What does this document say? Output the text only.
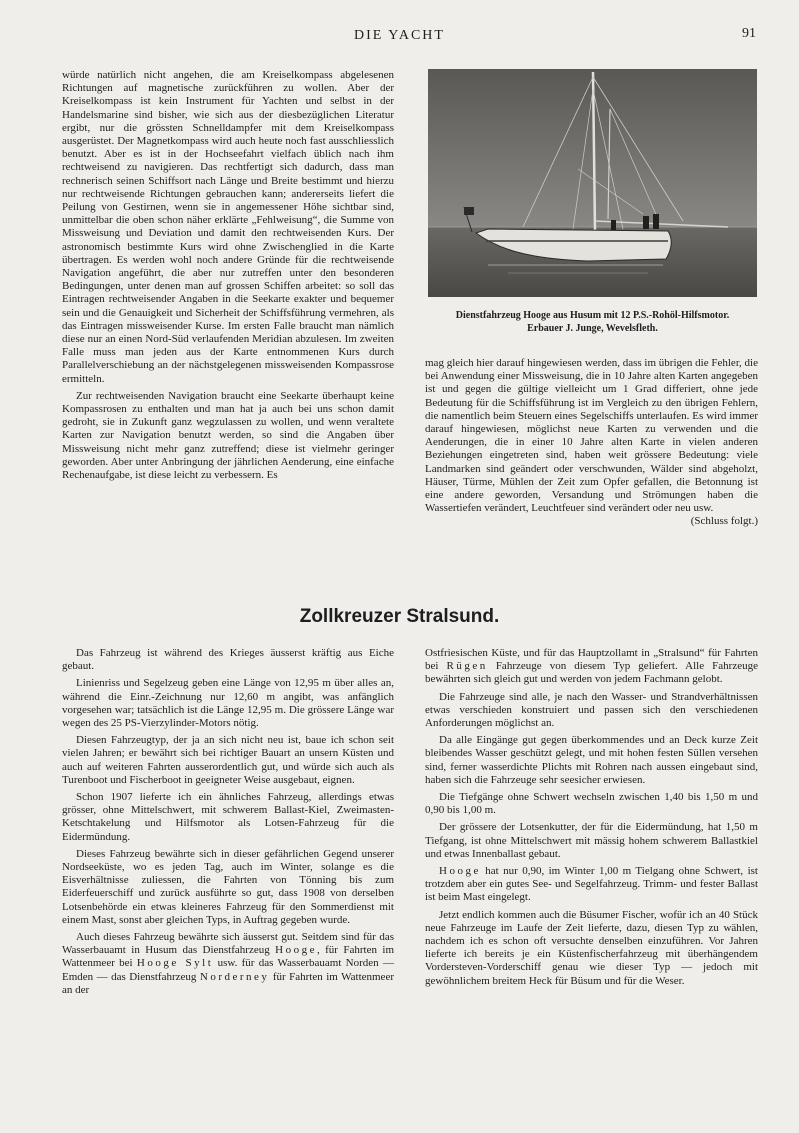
DIE YACHT	91

würde natürlich nicht angehen, die am Kreiselkompass abgelesenen Richtungen auf magnetische zurückführen zu wollen. Aber der Kreiselkompass ist kein Instrument für Yachten und selbst in der Handelsmarine sind bisher, wie sich aus der diesbezüglichen Literatur ergibt, nur die grössten Schnelldampfer mit dem Kreiselkompass ausgerüstet. Der Magnetkompass wird auch heute noch fast ausschliesslich benutzt. Aber es ist in der Hochseefahrt vielfach üblich nach ihm rechtweisend zu navigieren. Das rechtfertigt sich dadurch, dass man rechnerisch seinen Schiffsort nach Länge und Breite bestimmt und hierzu nur rechtweisende Richtungen gebrauchen kann; andererseits liefert die Peilung von Gestirnen, wenn sie in angemessener Höhe sichtbar sind, unmittelbar die oben schon näher erklärte „Fehlweisung“, die Summe von Missweisung und Deviation und damit den rechtweisenden Kurs. Der astronomisch bestimmte Kurs wird ohne Zwischenglied in die Karte übertragen. Es werden wohl noch andere Gründe für die rechtweisende Navigation angeführt, die aber nur zutreffen unter den besonderen Bedingungen, unter denen man auf grossen Schiffen arbeitet: so soll das Eintragen rechtweisender Angaben in die Seekarte exakter und bequemer sein und die Genauigkeit und Sicherheit der Schiffsführung vermehren, als das Eintragen missweisender Kurse. Im ersten Falle braucht man nämlich diese nur an einen Nord-Süd verlaufenden Meridian abzulesen. Im zweiten Falle muss man jeden aus der Karte entnommenen Kurs durch Parallelverschiebung an der nächstgelegenen missweisenden Kompassrose ermitteln.

Zur rechtweisenden Navigation braucht eine Seekarte überhaupt keine Kompassrosen zu enthalten und man hat ja auch bei uns schon damit gedroht, sie in Zukunft ganz wegzulassen zu wollen, und wenn veraltete Karten zur Navigation benutzt werden, so sind die Angaben über Missweisung nicht mehr ganz zutreffend; diese ist vielmehr geringer geworden. Aber unter Anbringung der jährlichen Aenderung, eine einfache Rechenaufgabe, ist diese leicht zu verbessern. Es

Dienstfahrzeug Hooge aus Husum mit 12 P.S.-Rohöl-Hilfsmotor.
Erbauer J. Junge, Wevelsfleth.

mag gleich hier darauf hingewiesen werden, dass im übrigen die Fehler, die bei Anwendung einer Missweisung, die in 10 Jahre alten Karten angegeben ist und gegen die gültige vielleicht um 1 Grad differiert, ohne jede Bedeutung für die Schiffsführung ist im Vergleich zu den übrigen Fehlern, die namentlich beim Steuern eines Segelschiffs unterlaufen. Es wird immer darauf hingewiesen, möglichst neue Karten zu verwenden und die Aenderungen, die in einer 10 Jahre alten Karte in vielen anderen Beziehungen eingetreten sind, haben weit grössere Bedeutung: viele Landmarken sind geändert oder verschwunden, Wälder sind abgeholzt, Häuser, Türme, Mühlen der Zeit zum Opfer gefallen, die Betonnung ist eine andere geworden, Versandung und Strömungen haben die Wassertiefen verändert, Leuchtfeuer sind verändert oder neu usw.
(Schluss folgt.)

Zollkreuzer Stralsund.

Das Fahrzeug ist während des Krieges äusserst kräftig aus Eiche gebaut.

Linienriss und Segelzeug geben eine Länge von 12,95 m über alles an, während die Einr.-Zeichnung nur 12,60 m angibt, was anfänglich vorgesehen war; tatsächlich ist die Länge 12,95 m. Die grössere Länge war wegen des 25 PS-Vierzylinder-Motors nötig.

Diesen Fahrzeugtyp, der ja an sich nicht neu ist, baue ich schon seit vielen Jahren; er bewährt sich bei richtiger Bauart an unsern Küsten und auch auf weiteren Fahrten ausserordentlich gut, und würde sich auch als Turenboot und Fischerboot in geeigneter Weise ausgebaut, eignen.

Schon 1907 lieferte ich ein ähnliches Fahrzeug, allerdings etwas grösser, ohne Mittelschwert, mit schwerem Ballast-Kiel, Zweimasten-Ketschtakelung und Hilfsmotor als Lotsen-Fahrzeug für die Eidermündung.

Dieses Fahrzeug bewährte sich in dieser gefährlichen Gegend unserer Nordseeküste, wo es jeden Tag, auch im Winter, solange es die Eisverhältnisse zuliessen, die Fahrten von Tönning bis zum Eiderfeuerschiff und zurück ausführte so gut, dass 1908 von derselben Lotsenbehörde ein etwas kleineres Fahrzeug für den Sommerdienst mit einem Mast, sonst aber gleichen Typs, in Auftrag gegeben wurde.

Auch dieses Fahrzeug bewährte sich äusserst gut. Seitdem sind für das Wasserbauamt in Husum das Dienstfahrzeug Hooge, für Fahrten im Wattenmeer bei Hooge Sylt usw. für das Wasserbauamt Norden — Emden — das Dienstfahrzeug Norderney für Fahrten im Wattenmeer an der

Ostfriesischen Küste, und für das Hauptzollamt in „Stralsund“ für Fahrten bei Rügen Fahrzeuge von diesem Typ geliefert. Alle Fahrzeuge bewährten sich gleich gut und werden von jedem Fachmann gelobt.

Die Fahrzeuge sind alle, je nach den Wasser- und Strandverhältnissen etwas verschieden konstruiert und passen sich den verschiedenen Anforderungen möglichst an.

Da alle Eingänge gut gegen überkommendes und an Deck kurze Zeit bleibendes Wasser geschützt gelegt, und mit hohen festen Süllen versehen sind, ferner wasserdichte Plichts mit Rohren nach aussen eingebaut sind, haben sich die Fahrzeuge sehr seesicher erwiesen.

Die Tiefgänge ohne Schwert wechseln zwischen 1,40 bis 1,50 m und 0,90 bis 1,00 m.

Der grössere der Lotsenkutter, der für die Eidermündung, hat 1,50 m Tiefgang, ist ohne Mittelschwert mit mässig hohem schwerem Ballastkiel und etwas Innenballast gebaut.

Hooge hat nur 0,90, im Winter 1,00 m Tielgang ohne Schwert, ist trotzdem aber ein gutes See- und Segelfahrzeug. Trimm- und fester Ballast ist beim Mast eingelegt.

Jetzt endlich kommen auch die Büsumer Fischer, wofür ich an 40 Stück neue Fahrzeuge im Laufe der Zeit lieferte, dazu, diesen Typ zu wählen, nachdem ich es schon oft versuchte denselben einzuführen. Vor Jahren lieferte ich bereits je ein Küstenfischerfahrzeug mit überhängendem Vordersteven-Vorderschiff genau wie dieser Typ — jedoch mit gewöhnlichem breitem Heck für Büsum und für die Weser.
